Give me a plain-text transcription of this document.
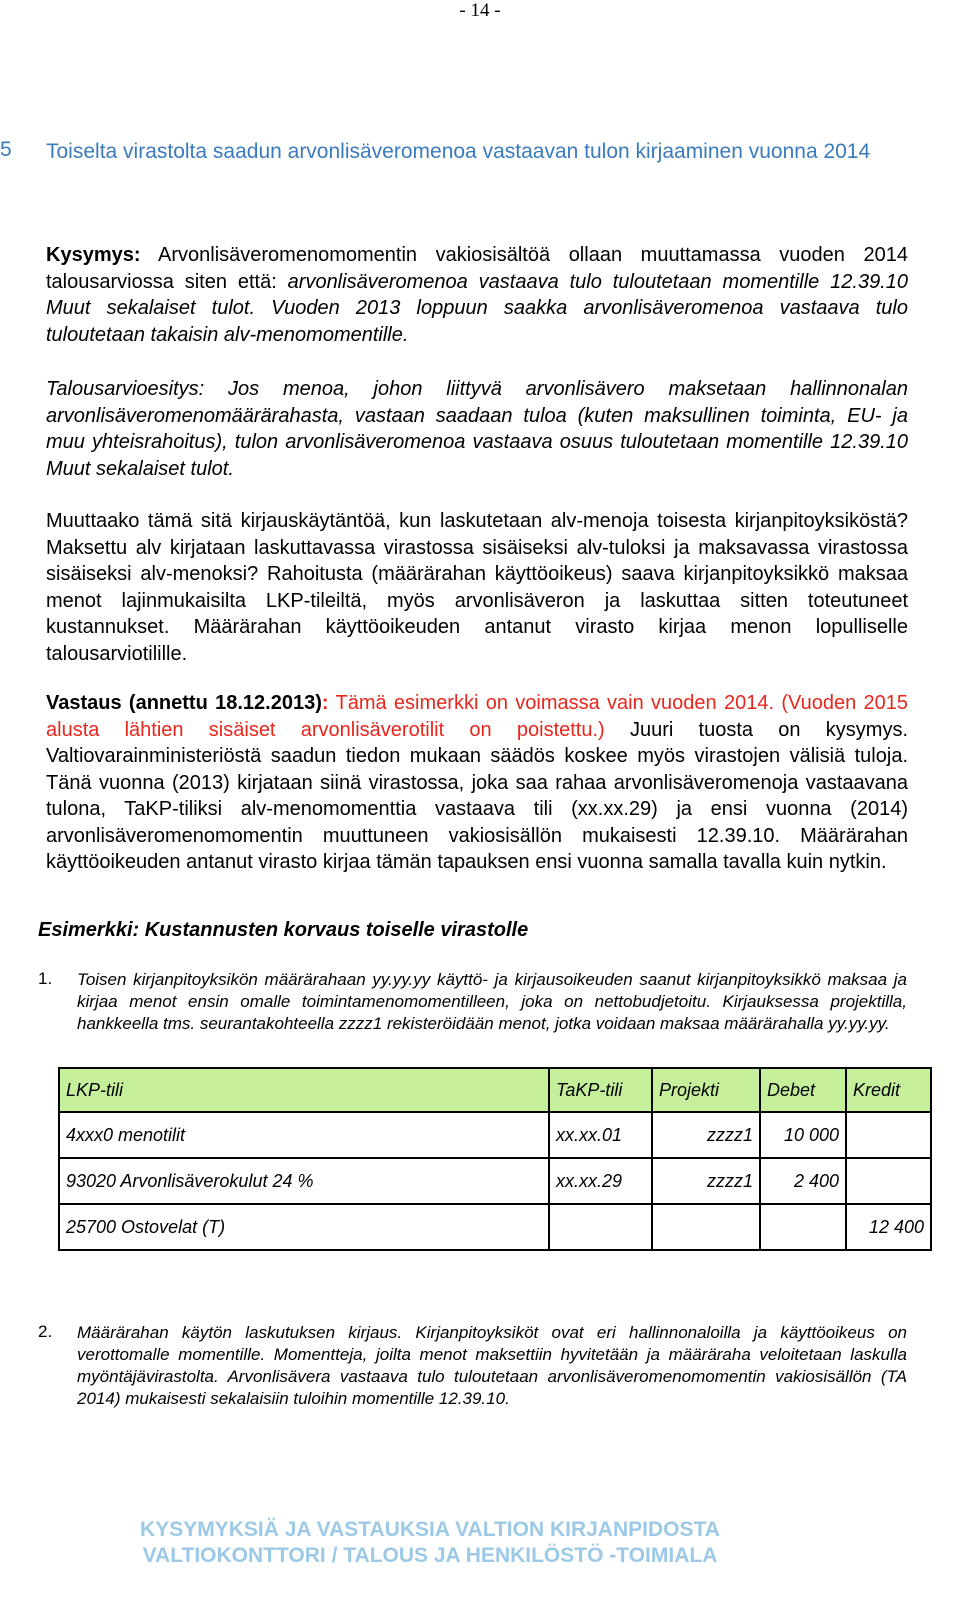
- 14 -
5 Toiselta virastolta saadun arvonlisäveromenoa vastaavan tulon kirjaaminen vuonna 2014
Kysymys: Arvonlisäveromenomomentin vakiosisältöä ollaan muuttamassa vuoden 2014 talousarviossa siten että: arvonlisäveromenoa vastaava tulo tuloutetaan momentille 12.39.10 Muut sekalaiset tulot. Vuoden 2013 loppuun saakka arvonlisäveromenoa vastaava tulo tuloutetaan takaisin alv-menomomentille.
Talousarvioesitys: Jos menoa, johon liittyvä arvonlisävero maksetaan hallinnonalan arvonlisäveromenomäärärahasta, vastaan saadaan tuloa (kuten maksullinen toiminta, EU- ja muu yhteisrahoitus), tulon arvonlisäveromenoa vastaava osuus tuloutetaan momentille 12.39.10 Muut sekalaiset tulot.
Muuttaako tämä sitä kirjauskäytäntöä, kun laskutetaan alv-menoja toisesta kirjanpitoyksiköstä? Maksettu alv kirjataan laskuttavassa virastossa sisäiseksi alv-tuloksi ja maksavassa virastossa sisäiseksi alv-menoksi? Rahoitusta (määrärahan käyttöoikeus) saava kirjanpitoyksikkö maksaa menot lajinmukaisilta LKP-tileiltä, myös arvonlisäveron ja laskuttaa sitten toteutuneet kustannukset. Määrärahan käyttöoikeuden antanut virasto kirjaa menon lopulliselle talousarviotilille.
Vastaus (annettu 18.12.2013): Tämä esimerkki on voimassa vain vuoden 2014. (Vuoden 2015 alusta lähtien sisäiset arvonlisäverotilit on poistettu.) Juuri tuosta on kysymys. Valtiovarainministeriöstä saadun tiedon mukaan säädös koskee myös virastojen välisiä tuloja. Tänä vuonna (2013) kirjataan siinä virastossa, joka saa rahaa arvonlisäveromenoja vastaavana tulona, TaKP-tiliksi alv-menomomenttia vastaava tili (xx.xx.29) ja ensi vuonna (2014) arvonlisäveromenomomentin muuttuneen vakiosisällön mukaisesti 12.39.10. Määrärahan käyttöoikeuden antanut virasto kirjaa tämän tapauksen ensi vuonna samalla tavalla kuin nytkin.
Esimerkki: Kustannusten korvaus toiselle virastolle
1. Toisen kirjanpitoyksikön määrärahaan yy.yy.yy käyttö- ja kirjausoikeuden saanut kirjanpitoyksikkö maksaa ja kirjaa menot ensin omalle toimintamenomomentilleen, joka on nettobudjetoitu. Kirjauksessa projektilla, hankkeella tms. seurantakohteella zzzz1 rekisteröidään menot, jotka voidaan maksaa määrärahalla yy.yy.yy.
LKP-tili	TaKP-tili	Projekti	Debet	Kredit
4xxx0 menotilit	xx.xx.01	zzzz1	10 000	
93020 Arvonlisäverokulut 24 %	xx.xx.29	zzzz1	2 400	
25700 Ostovelat (T)				12 400
2. Määrärahan käytön laskutuksen kirjaus. Kirjanpitoyksiköt ovat eri hallinnonaloilla ja käyttöoikeus on verottomalle momentille. Momentteja, joilta menot maksettiin hyvitetään ja määräraha veloitetaan laskulla myöntäjävirastolta. Arvonlisävera vastaava tulo tuloutetaan arvonlisäveromenomomentin vakiosisällön (TA 2014) mukaisesti sekalaisiin tuloihin momentille 12.39.10.
KYSYMYKSIÄ JA VASTAUKSIA VALTION KIRJANPIDOSTA
VALTIOKONTTORI / TALOUS JA HENKILÖSTÖ -TOIMIALA
